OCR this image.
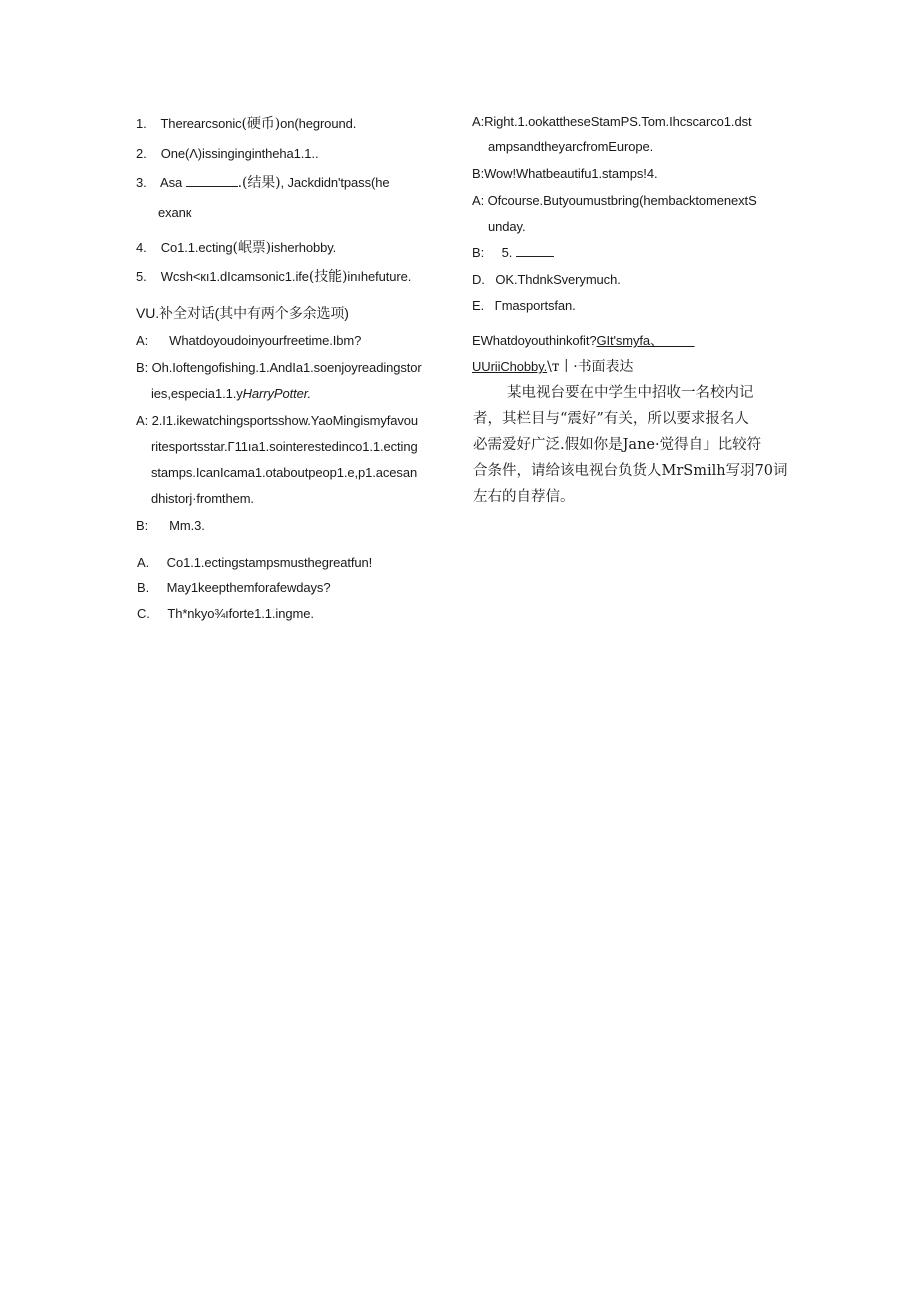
1. Therearcsonic(硬币)on(heground.
2. One(Λ)issingingintheha1.1..
3. Asa	.(结果), Jackdidn'tpass(he
exanк
4. Co1.1.ecting(岷票)isherhobby.
5. Wcsh<кı1.dIcamsonic1.ife(技能)inıhefuture.
VU.补全对话(其中有两个多余选项)
A: Whatdoyoudoinyourfreetime.Ibm?
B: Oh.Ioftengofishing.1.AndIa1.soenjoyreadingstor
ies,especia1.1.yHarryPotter.
A: 2.I1.ikewatchingsportsshow.YaoMingismyfavou
ritesportsstar.Γ11ıa1.sointerestedinco1.1.ecting
stamps.IcanIcama1.otaboutpeop1.e,p1.acesan
dhistorj·fromthem.
B: Mm.3.
A. Co1.1.ectingstampsmusthegreatfun!
B. May1keepthemforafewdays?
C. Th*nkyo¾ıforte1.1.ingme.
A:Right.1.ookattheseStamPS.Tom.Ihcscarco1.dst
ampsandtheyarcfromEurope.
B:Wow!Whatbeautifu1.stamps!4.
A: Ofcourse.Butyoumustbring(hembacktomenextS
unday.
B: 5.
D. OK.ThdnkSverymuch.
E. Γmasportsfan.
EWhatdoyouthinkofit?GIt'smyfa、
UUriiChobby.\т丨·书面表达
某电视台要在中学生中招收一名校内记
者，其栏目与“震好”有关，所以要求报名人
必需爱好广泛.假如你是Jane·觉得自」比较符
合条件，请给该电视台负货人MrSmilh写羽70词
左右的自荐信。
